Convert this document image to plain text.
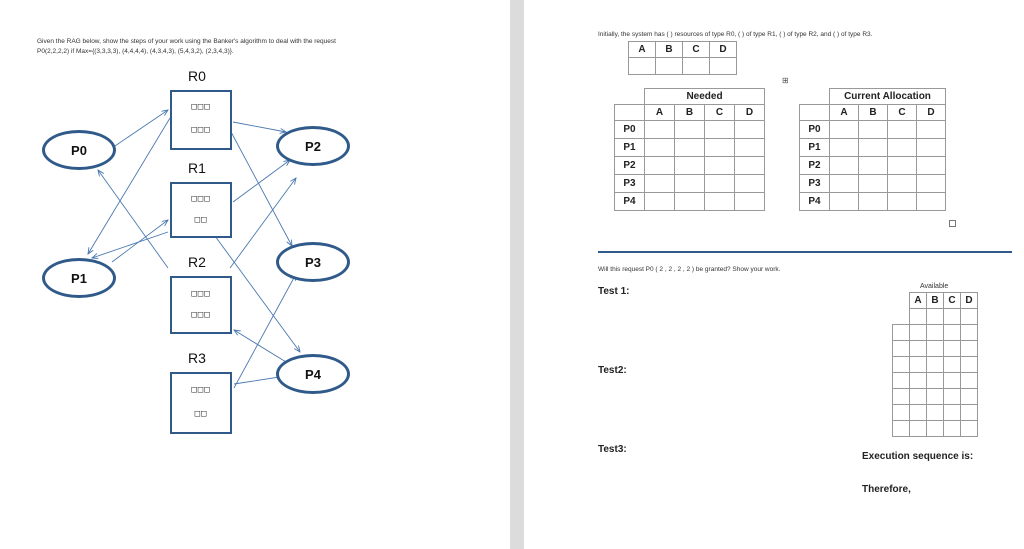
Given the RAG below, show the steps of your work using the Banker's algorithm to deal with the request
P0(2,2,2,2) if Max={(3,3,3,3), (4,4,4,4), (4,3,4,3), (5,4,3,2), (2,3,4,3)}.
R0
□□□
□□□
R1
□□□
□□
R2
□□□
□□□
R3
□□□
□□
P0
P1
P2
P3
P4
Initially, the system has ( ) resources of type R0, ( ) of type R1, ( ) of type R2, and ( ) of type R3.
A	B	C	D

⊞
	Needed			
	A	B	C	D
P0				
P1				
P2				
P3				
P4				
	Current Allocation			
	A	B	C	D
P0				
P1				
P2				
P3				
P4				
Will this request P0 ( 2 , 2 , 2 , 2 ) be granted? Show your work.
Test 1:
Test2:
Test3:
Available
	A	B	C	D

Execution sequence is:
Therefore,
